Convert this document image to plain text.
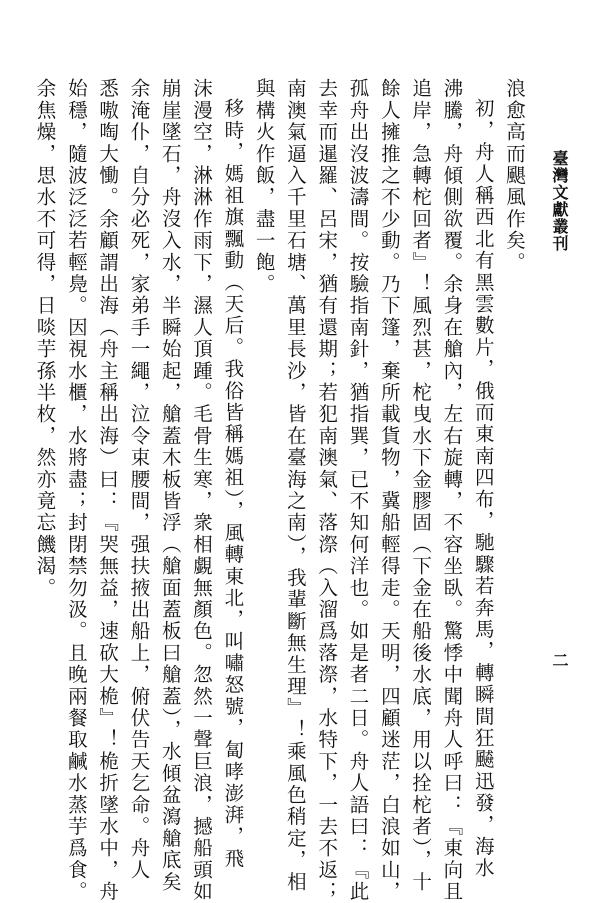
臺灣文獻叢刊
二
浪愈高而颶風作矣。
初，舟人稱西北有黑雲數片，俄而東南四布，馳驟若奔馬，轉瞬間狂飇迅發，海水
沸騰，舟傾側欲覆。余身在艙內，左右旋轉，不容坐臥。驚悸中聞舟人呼曰：『東向且
追岸，急轉柁回者』！風烈甚，柁曳水下金膠固（下金在船後水底，用以拴柁者），十
餘人擁推之不少動。乃下篷，棄所載貨物，冀船輕得走。天明，四顧迷茫，白浪如山，
孤舟出沒波濤間。按驗指南針，猶指巽，已不知何洋也。如是者二日。舟人語曰：『此
去幸而暹羅、呂宋，猶有還期；若犯南澳氣、落漈（入溜爲落漈，水特下，一去不返；
南澳氣逼入千里石塘、萬里長沙，皆在臺海之南），我輩斷無生理』！乘風色稍定，相
與構火作飯，盡一飽。
移時，媽祖旗飄動（天后。我俗皆稱媽祖），風轉東北，叫嘯怒號，匐哮澎湃，飛
沫漫空，淋淋作雨下，濕人頂踵。毛骨生寒，衆相覷無顏色。忽然一聲巨浪，撼船頭如
崩崖墜石，舟沒入水，半瞬始起，艙蓋木板皆浮（艙面蓋板曰艙蓋），水傾盆瀉艙底矣
余淹仆，自分必死，家弟手一繩，泣令束腰間，强扶掖出船上，俯伏告天乞命。舟人
悉嗷啕大慟。余顧謂出海（舟主稱出海）曰：『哭無益，速砍大桅』！桅折墜水中，舟
始穩，隨波泛泛若輕鳧。因視水櫃，水將盡；封閉禁勿汲。且晚兩餐取鹹水蒸芋爲食。
余焦燥，思水不可得，日啖芋孫半枚，然亦竟忘饑渴。
